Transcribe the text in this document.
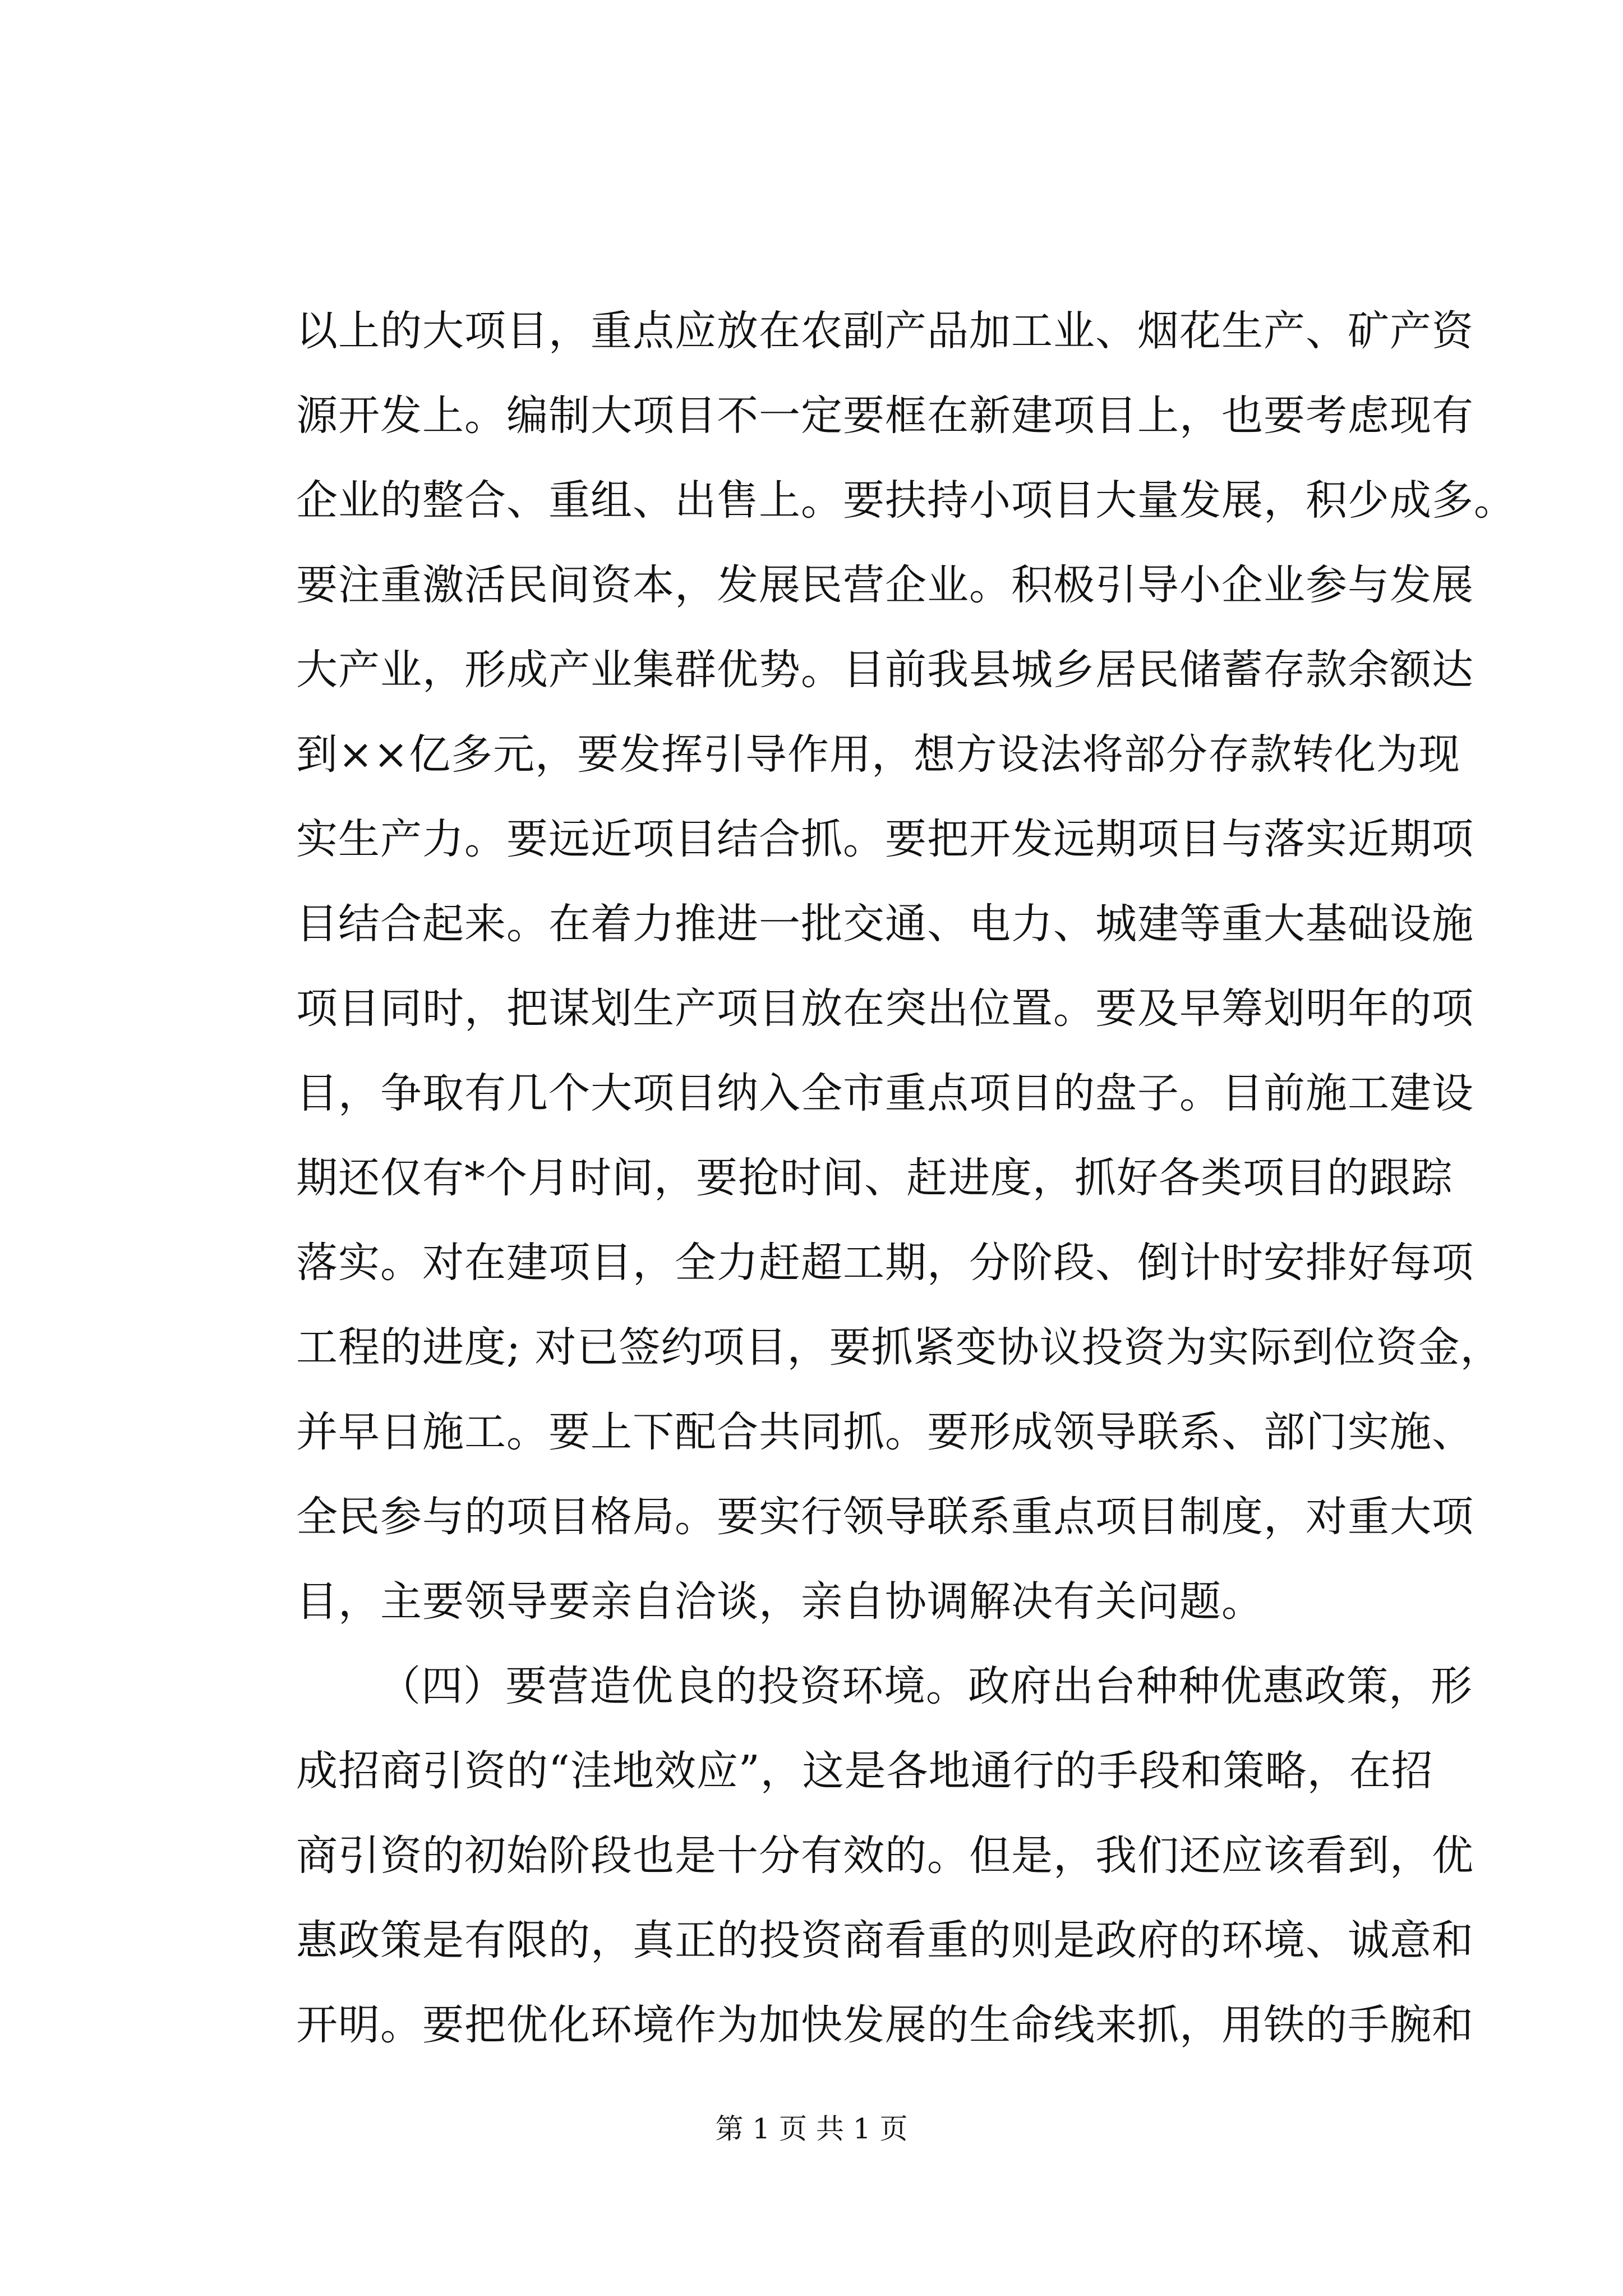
以上的大项目，重点应放在农副产品加工业、烟花生产、矿产资
源开发上。编制大项目不一定要框在新建项目上，也要考虑现有
企业的整合、重组、出售上。要扶持小项目大量发展，积少成多。
要注重激活民间资本，发展民营企业。积极引导小企业参与发展
大产业，形成产业集群优势。目前我县城乡居民储蓄存款余额达
到××亿多元，要发挥引导作用，想方设法将部分存款转化为现
实生产力。要远近项目结合抓。要把开发远期项目与落实近期项
目结合起来。在着力推进一批交通、电力、城建等重大基础设施
项目同时，把谋划生产项目放在突出位置。要及早筹划明年的项
目，争取有几个大项目纳入全市重点项目的盘子。目前施工建设
期还仅有*个月时间，要抢时间、赶进度，抓好各类项目的跟踪
落实。对在建项目，全力赶超工期，分阶段、倒计时安排好每项
工程的进度; 对已签约项目，要抓紧变协议投资为实际到位资金，
并早日施工。要上下配合共同抓。要形成领导联系、部门实施、
全民参与的项目格局。要实行领导联系重点项目制度，对重大项
目，主要领导要亲自洽谈，亲自协调解决有关问题。
（四）要营造优良的投资环境。政府出台种种优惠政策，形
成招商引资的“洼地效应”，这是各地通行的手段和策略，在招
商引资的初始阶段也是十分有效的。但是，我们还应该看到，优
惠政策是有限的，真正的投资商看重的则是政府的环境、诚意和
开明。要把优化环境作为加快发展的生命线来抓，用铁的手腕和
第 1 页 共 1 页
